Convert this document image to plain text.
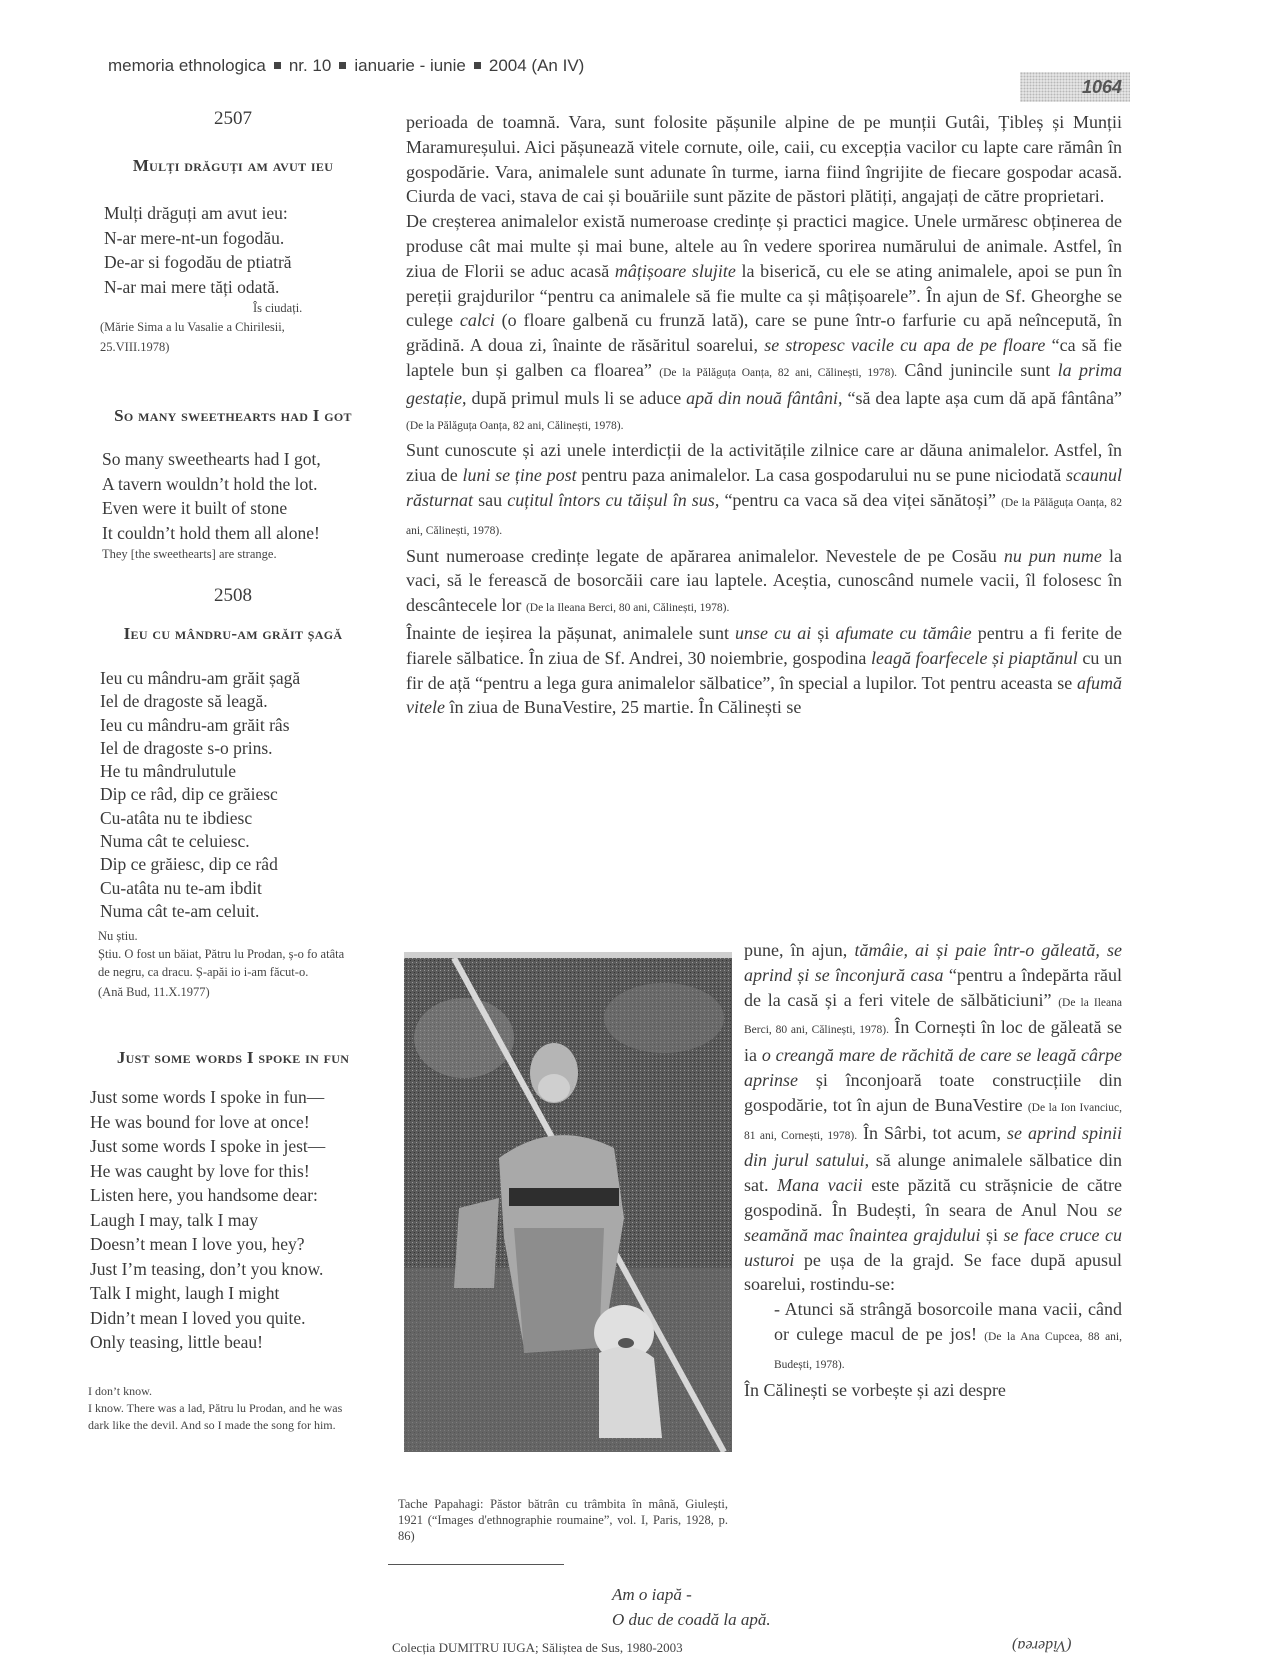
memoria ethnologica nr. 10 ianuarie - iunie 2004 (An IV)
1064
2507
Mulți drăguți am avut ieu
Mulți drăguți am avut ieu:
N-ar mere-nt-un fogodău.
De-ar si fogodău de ptiatră
N-ar mai mere tăți odată.
Îs ciudați.
(Mărie Sima a lu Vasalie a Chirilesii, 25.VIII.1978)
So many sweethearts had I got
So many sweethearts had I got,
A tavern wouldn’t hold the lot.
Even were it built of stone
It couldn’t hold them all alone!
They [the sweethearts] are strange.
2508
Ieu cu mândru-am grăit șagă
Ieu cu mândru-am grăit șagă
Iel de dragoste să leagă.
Ieu cu mândru-am grăit râs
Iel de dragoste s-o prins.
He tu mândrulutule
Dip ce râd, dip ce grăiesc
Cu-atâta nu te ibdiesc
Numa cât te celuiesc.
Dip ce grăiesc, dip ce râd
Cu-atâta nu te-am ibdit
Numa cât te-am celuit.
Nu știu.
Știu. O fost un băiat, Pătru lu Prodan, ș-o fo atâta de negru, ca dracu. Ș-apăi io i-am făcut-o.
(Ană Bud, 11.X.1977)
Just some words I spoke in fun
Just some words I spoke in fun—
He was bound for love at once!
Just some words I spoke in jest—
He was caught by love for this!
Listen here, you handsome dear:
Laugh I may, talk I may
Doesn’t mean I love you, hey?
Just I’m teasing, don’t you know.
Talk I might, laugh I might
Didn’t mean I loved you quite.
Only teasing, little beau!
I don’t know.
I know. There was a lad, Pătru lu Prodan, and he was dark like the devil. And so I made the song for him.

perioada de toamnă. Vara, sunt folosite pășunile alpine de pe munții Gutâi, Țibleș și Munții Maramureșului. Aici pășunează vitele cornute, oile, caii, cu excepția vacilor cu lapte care rămân în gospodărie. Vara, animalele sunt adunate în turme, iarna fiind îngrijite de fiecare gospodar acasă. Ciurda de vaci, stava de cai și bouăriile sunt păzite de păstori plătiți, angajați de către proprietari.

De creșterea animalelor există numeroase credințe și practici magice. Unele urmăresc obținerea de produse cât mai multe și mai bune, altele au în vedere sporirea numărului de animale. Astfel, în ziua de Florii se aduc acasă mâțișoare slujite la biserică, cu ele se ating animalele, apoi se pun în pereții grajdurilor “pentru ca animalele să fie multe ca și mâțișoarele”. În ajun de Sf. Gheorghe se culege calci (o floare galbenă cu frunză lată), care se pune într-o farfurie cu apă neîncepută, în grădină. A doua zi, înainte de răsăritul soarelui, se stropesc vacile cu apa de pe floare “ca să fie laptele bun și galben ca floarea” (De la Pălăguța Oanța, 82 ani, Călinești, 1978). Când junincile sunt la prima gestație, după primul muls li se aduce apă din nouă fântâni, “să dea lapte așa cum dă apă fântâna” (De la Pălăguța Oanța, 82 ani, Călinești, 1978).

Sunt cunoscute și azi unele interdicții de la activitățile zilnice care ar dăuna animalelor. Astfel, în ziua de luni se ține post pentru paza animalelor. La casa gospodarului nu se pune niciodată scaunul răsturnat sau cuțitul întors cu tăișul în sus, “pentru ca vaca să dea viței sănătoși” (De la Pălăguța Oanța, 82 ani, Călinești, 1978).

Sunt numeroase credințe legate de apărarea animalelor. Nevestele de pe Cosău nu pun nume la vaci, să le ferească de bosorcăii care iau laptele. Aceștia, cunoscând numele vacii, îl folosesc în descântecele lor (De la Ileana Berci, 80 ani, Călinești, 1978).

Înainte de ieșirea la pășunat, animalele sunt unse cu ai și afumate cu tămâie pentru a fi ferite de fiarele sălbatice. În ziua de Sf. Andrei, 30 noiembrie, gospodina leagă foarfecele și piaptănul cu un fir de ață “pentru a lega gura animalelor sălbatice”, în special a lupilor. Tot pentru aceasta se afumă vitele în ziua de BunaVestire, 25 martie. În Călinești se

Tache Papahagi: Păstor bătrân cu trâmbita în mână, Giulești, 1921 (“Images d'ethnographie roumaine”, vol. I, Paris, 1928, p. 86)
pune, în ajun, tămâie, ai și paie într-o găleată, se aprind și se înconjură casa “pentru a îndepărta răul de la casă și a feri vitele de sălbăticiuni” (De la Ileana Berci, 80 ani, Călinești, 1978). În Cornești în loc de găleată se ia o creangă mare de răchită de care se leagă cârpe aprinse și înconjoară toate construcțiile din gospodărie, tot în ajun de BunaVestire (De la Ion Ivanciuc, 81 ani, Cornești, 1978). În Sârbi, tot acum, se aprind spinii din jurul satului, să alunge animalele sălbatice din sat. Mana vacii este păzită cu strășnicie de către gospodină. În Budești, în seara de Anul Nou se seamănă mac înaintea grajdului și se face cruce cu usturoi pe ușa de la grajd. Se face după apusul soarelui, rostindu-se:
- Atunci să strângă bosorcoile mana vacii, când or culege macul de pe jos! (De la Ana Cupcea, 88 ani, Budești, 1978).
În Călinești se vorbește și azi despre
Am o iapă -
O duc de coadă la apă.
Colecția DUMITRU IUGA; Săliștea de Sus, 1980-2003	(Viderea)
